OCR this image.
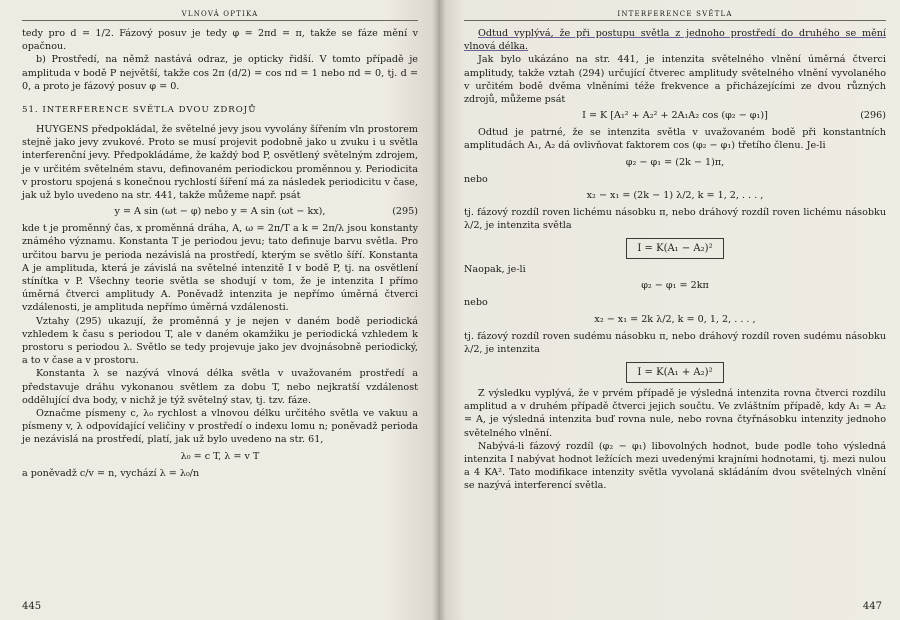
VLNOVÁ OPTIKA

tedy pro d = 1/2. Fázový posuv je tedy φ = 2πd = π, takže se fáze mění v opačnou.

b) Prostředí, na němž nastává odraz, je opticky řidší. V tomto případě je amplituda v bodě P největší, takže cos 2π (d/2) = cos πd = 1 nebo πd = 0, tj. d = 0, a proto je fázový posuv φ = 0.

51. INTERFERENCE SVĚTLA DVOU ZDROJŮ

HUYGENS předpokládal, že světelné jevy jsou vyvolány šířením vln prostorem stejně jako jevy zvukové. Proto se musí projevit podobně jako u zvuku i u světla interferenční jevy. Předpokládáme, že každý bod P, osvětlený světelným zdrojem, je v určitém světelném stavu, definovaném periodickou proměnnou y. Periodicita v prostoru spojená s konečnou rychlostí šíření má za následek periodicitu v čase, jak už bylo uvedeno na str. 441, takže můžeme např. psát

y = A sin (ωt − φ) nebo y = A sin (ωt − kx),	(295)

kde t je proměnný čas, x proměnná dráha, A, ω = 2π/T a k = 2π/λ jsou konstanty známého významu. Konstanta T je periodou jevu; tato definuje barvu světla. Pro určitou barvu je perioda nezávislá na prostředí, kterým se světlo šíří. Konstanta A je amplituda, která je závislá na světelné intenzitě I v bodě P, tj. na osvětlení stínítka v P. Všechny teorie světla se shodují v tom, že je intenzita I přímo úměrná čtverci amplitudy A. Poněvadž intenzita je nepřímo úměrná čtverci vzdálenosti, je amplituda nepřímo úměrná vzdálenosti.

Vztahy (295) ukazují, že proměnná y je nejen v daném bodě periodická vzhledem k času s periodou T, ale v daném okamžiku je periodická vzhledem k prostoru s periodou λ. Světlo se tedy projevuje jako jev dvojnásobně periodický, a to v čase a v prostoru.

Konstanta λ se nazývá vlnová délka světla v uvažovaném prostředí a představuje dráhu vykonanou světlem za dobu T, nebo nejkratší vzdálenost oddělující dva body, v nichž je týž světelný stav, tj. tzv. fáze.

Označme písmeny c, λ₀ rychlost a vlnovou délku určitého světla ve vakuu a písmeny v, λ odpovídající veličiny v prostředí o indexu lomu n; poněvadž perioda je nezávislá na prostředí, platí, jak už bylo uvedeno na str. 61,

λ₀ = c T, λ = v T

a poněvadž c/v = n, vychází λ = λ₀/n

445
INTERFERENCE SVĚTLA

Odtud vyplývá, že při postupu světla z jednoho prostředí do druhého se mění vlnová délka.

Jak bylo ukázáno na str. 441, je intenzita světelného vlnění úměrná čtverci amplitudy, takže vztah (294) určující čtverec amplitudy světelného vlnění vyvolaného v určitém bodě dvěma vlněními téže frekvence a přicházejícími ze dvou různých zdrojů, můžeme psát

I = K [A₁² + A₂² + 2A₁A₂ cos (φ₂ − φ₁)]	(296)

Odtud je patrné, že se intenzita světla v uvažovaném bodě při konstantních amplitudách A₁, A₂ dá ovlivňovat faktorem cos (φ₂ − φ₁) třetího členu. Je-li

φ₂ − φ₁ = (2k − 1)π,

nebo

x₂ − x₁ = (2k − 1) λ/2, k = 1, 2, . . . ,

tj. fázový rozdíl roven lichému násobku π, nebo dráhový rozdíl roven lichému násobku λ/2, je intenzita světla

I = K(A₁ − A₂)²

Naopak, je-li

φ₂ − φ₁ = 2kπ

nebo

x₂ − x₁ = 2k λ/2, k = 0, 1, 2, . . . ,

tj. fázový rozdíl roven sudému násobku π, nebo dráhový rozdíl roven sudému násobku λ/2, je intenzita

I = K(A₁ + A₂)²

Z výsledku vyplývá, že v prvém případě je výsledná intenzita rovna čtverci rozdílu amplitud a v druhém případě čtverci jejich součtu. Ve zvláštním případě, kdy A₁ = A₂ = A, je výsledná intenzita buď rovna nule, nebo rovna čtyřnásobku intenzity jednoho světelného vlnění.

Nabývá-li fázový rozdíl (φ₂ − φ₁) libovolných hodnot, bude podle toho výsledná intenzita I nabývat hodnot ležících mezi uvedenými krajními hodnotami, tj. mezi nulou a 4 KA². Tato modifikace intenzity světla vyvolaná skládáním dvou světelných vlnění se nazývá interferencí světla.

447
